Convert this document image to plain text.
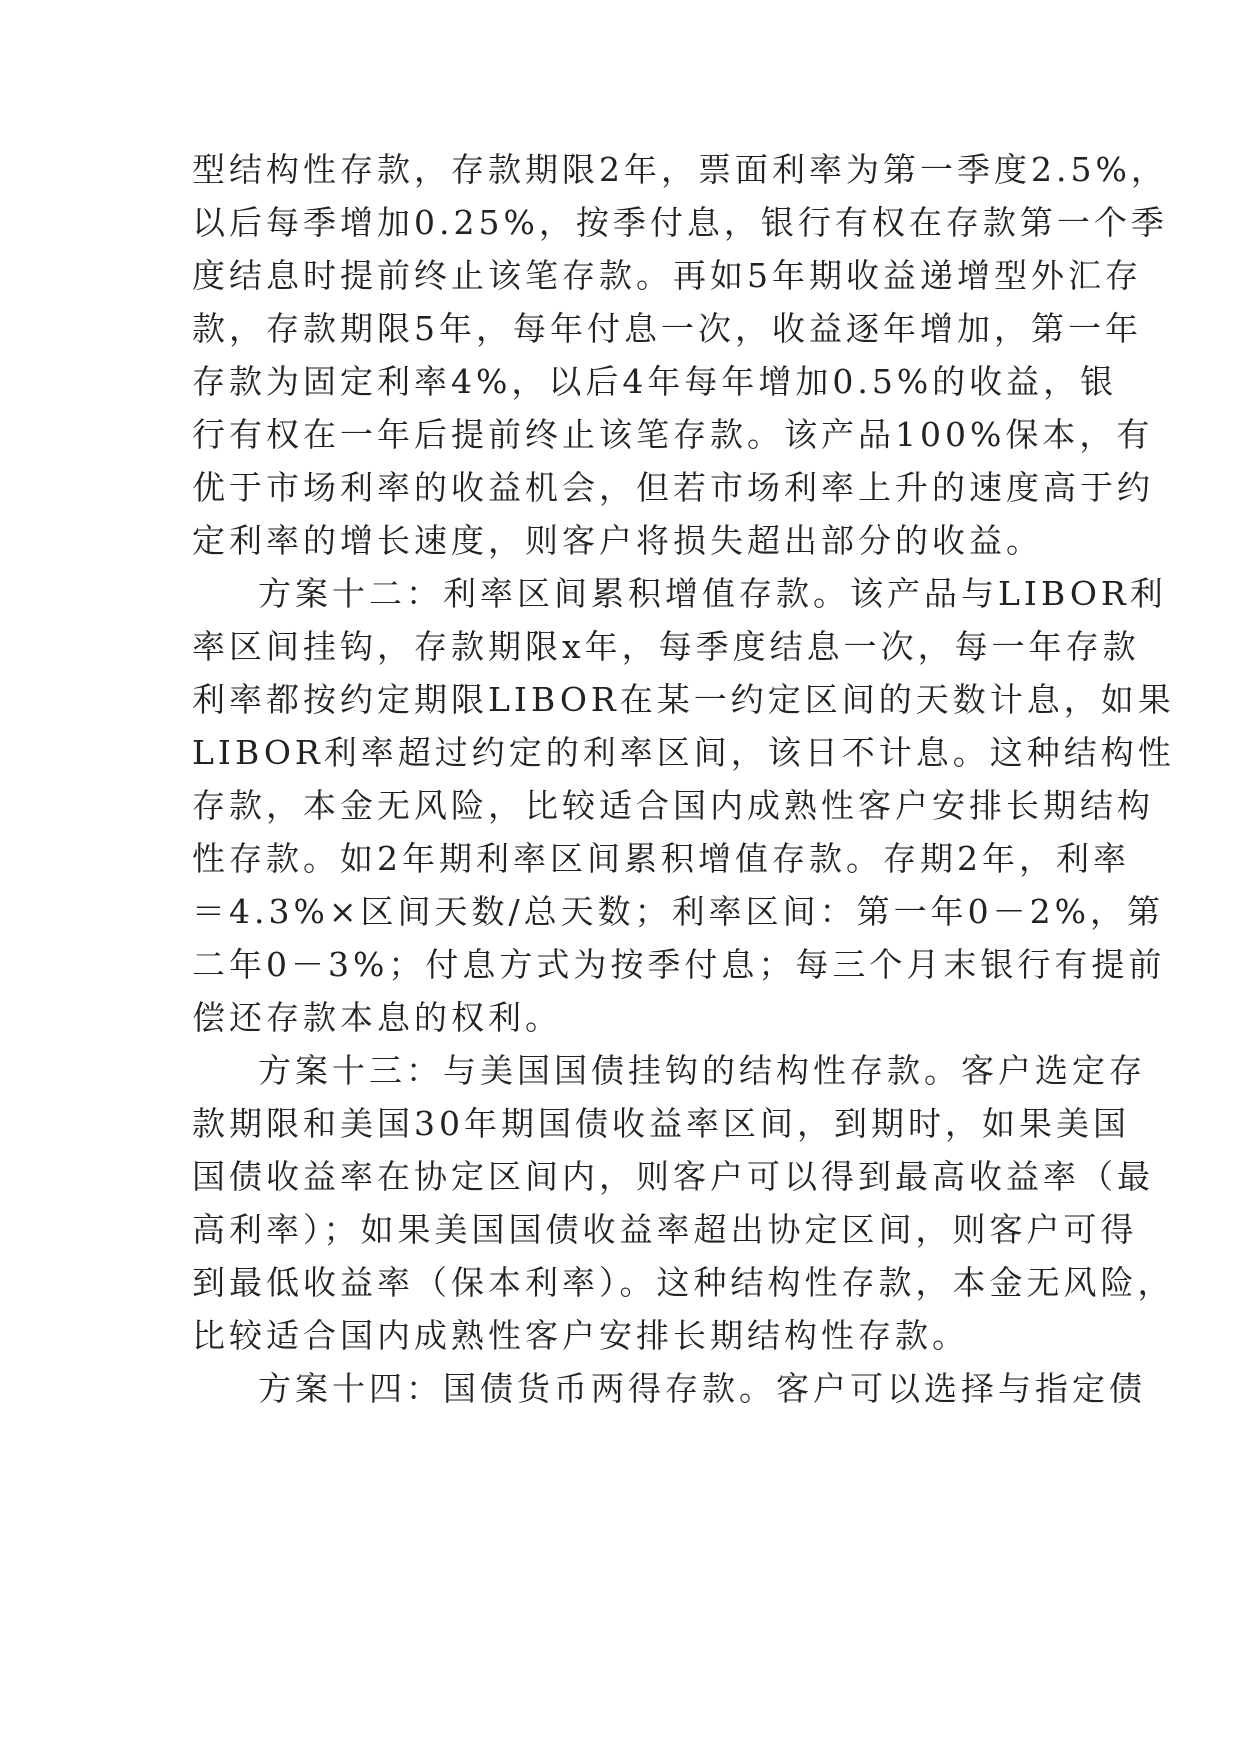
型结构性存款，存款期限2年，票面利率为第一季度2.5%，
以后每季增加0.25%，按季付息，银行有权在存款第一个季
度结息时提前终止该笔存款。再如5年期收益递增型外汇存
款，存款期限5年，每年付息一次，收益逐年增加，第一年
存款为固定利率4%，以后4年每年增加0.5%的收益，银
行有权在一年后提前终止该笔存款。该产品100%保本，有
优于市场利率的收益机会，但若市场利率上升的速度高于约
定利率的增长速度，则客户将损失超出部分的收益。
方案十二：利率区间累积增值存款。该产品与LIBOR利
率区间挂钩，存款期限x年，每季度结息一次，每一年存款
利率都按约定期限LIBOR在某一约定区间的天数计息，如果
LIBOR利率超过约定的利率区间，该日不计息。这种结构性
存款，本金无风险，比较适合国内成熟性客户安排长期结构
性存款。如2年期利率区间累积增值存款。存期2年，利率
＝4.3%×区间天数/总天数；利率区间：第一年0－2%，第
二年0－3%；付息方式为按季付息；每三个月末银行有提前
偿还存款本息的权利。
方案十三：与美国国债挂钩的结构性存款。客户选定存
款期限和美国30年期国债收益率区间，到期时，如果美国
国债收益率在协定区间内，则客户可以得到最高收益率（最
高利率）；如果美国国债收益率超出协定区间，则客户可得
到最低收益率（保本利率）。这种结构性存款，本金无风险，
比较适合国内成熟性客户安排长期结构性存款。
方案十四：国债货币两得存款。客户可以选择与指定债
